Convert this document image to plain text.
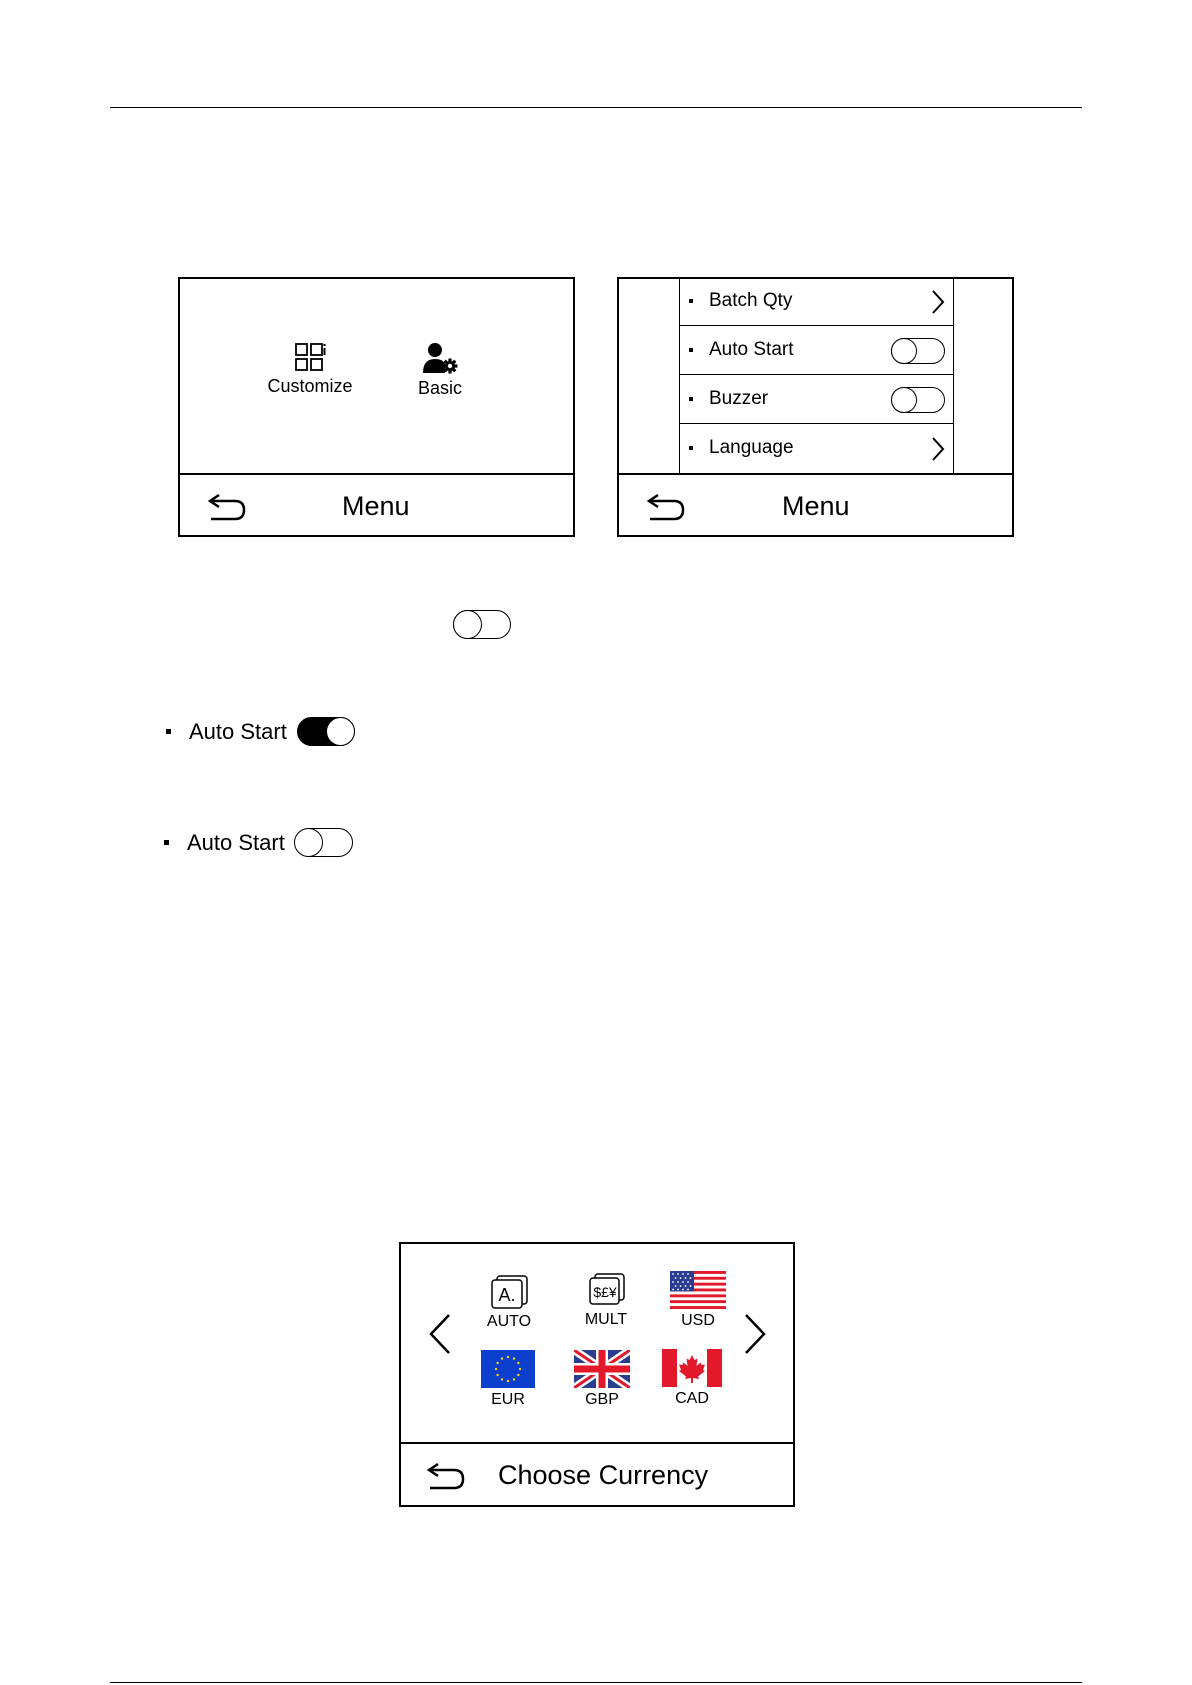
Customize	Basic
Menu
Batch Qty
Auto Start
Buzzer
Language
Menu
Auto Start
Auto Start
A.
AUTO
$£¥
MULT	USD
EUR	GBP	CAD
Choose Currency
